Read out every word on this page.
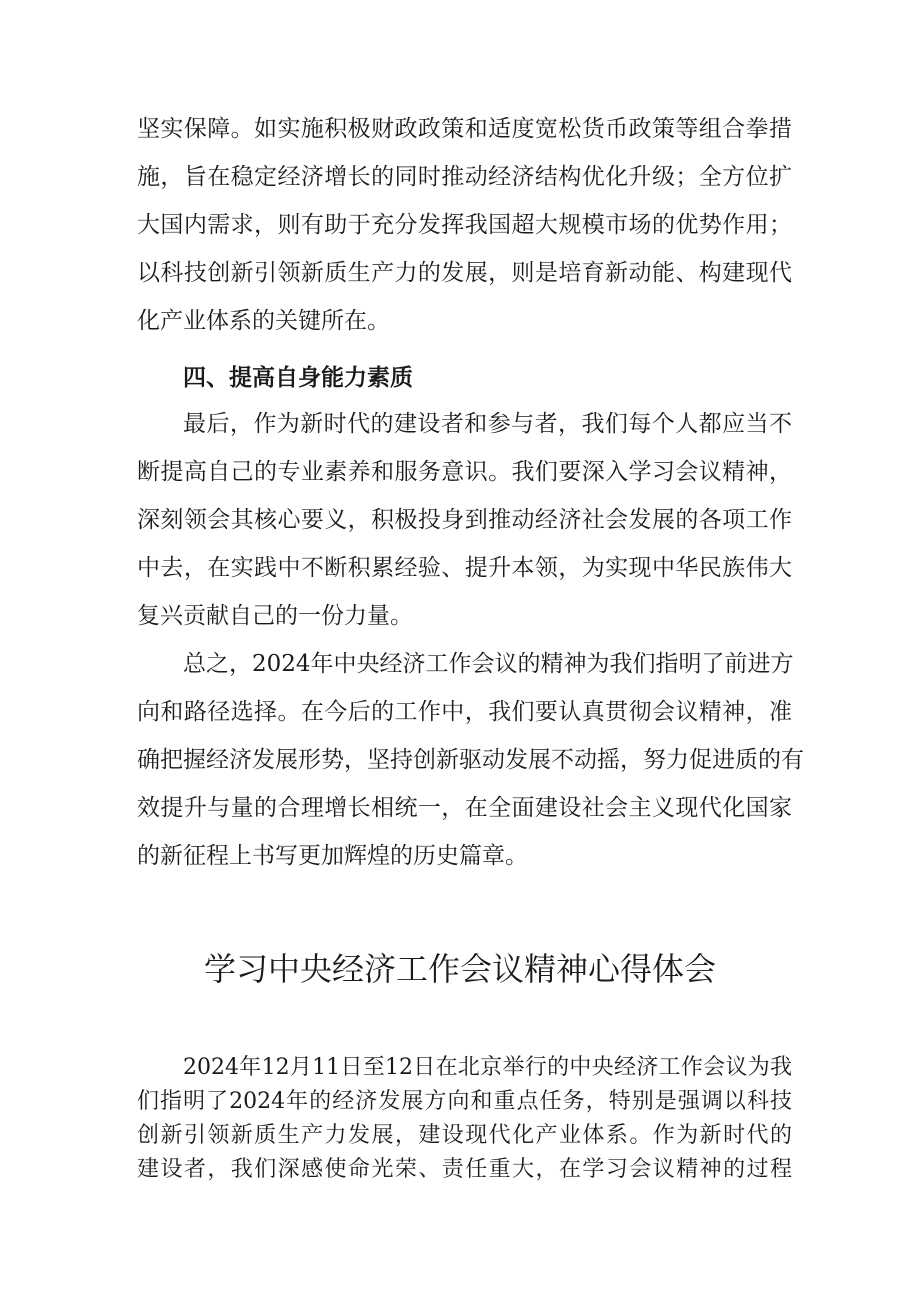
坚实保障。如实施积极财政政策和适度宽松货币政策等组合拳措
施，旨在稳定经济增长的同时推动经济结构优化升级；全方位扩
大国内需求，则有助于充分发挥我国超大规模市场的优势作用；
以科技创新引领新质生产力的发展，则是培育新动能、构建现代
化产业体系的关键所在。
四、提高自身能力素质
最后，作为新时代的建设者和参与者，我们每个人都应当不
断提高自己的专业素养和服务意识。我们要深入学习会议精神，
深刻领会其核心要义，积极投身到推动经济社会发展的各项工作
中去，在实践中不断积累经验、提升本领，为实现中华民族伟大
复兴贡献自己的一份力量。
总之，2024年中央经济工作会议的精神为我们指明了前进方
向和路径选择。在今后的工作中，我们要认真贯彻会议精神，准
确把握经济发展形势，坚持创新驱动发展不动摇，努力促进质的有
效提升与量的合理增长相统一，在全面建设社会主义现代化国家
的新征程上书写更加辉煌的历史篇章。
学习中央经济工作会议精神心得体会
2024年12月11日至12日在北京举行的中央经济工作会议为我
们指明了2024年的经济发展方向和重点任务，特别是强调以科技
创新引领新质生产力发展，建设现代化产业体系。作为新时代的
建设者，我们深感使命光荣、责任重大，在学习会议精神的过程
